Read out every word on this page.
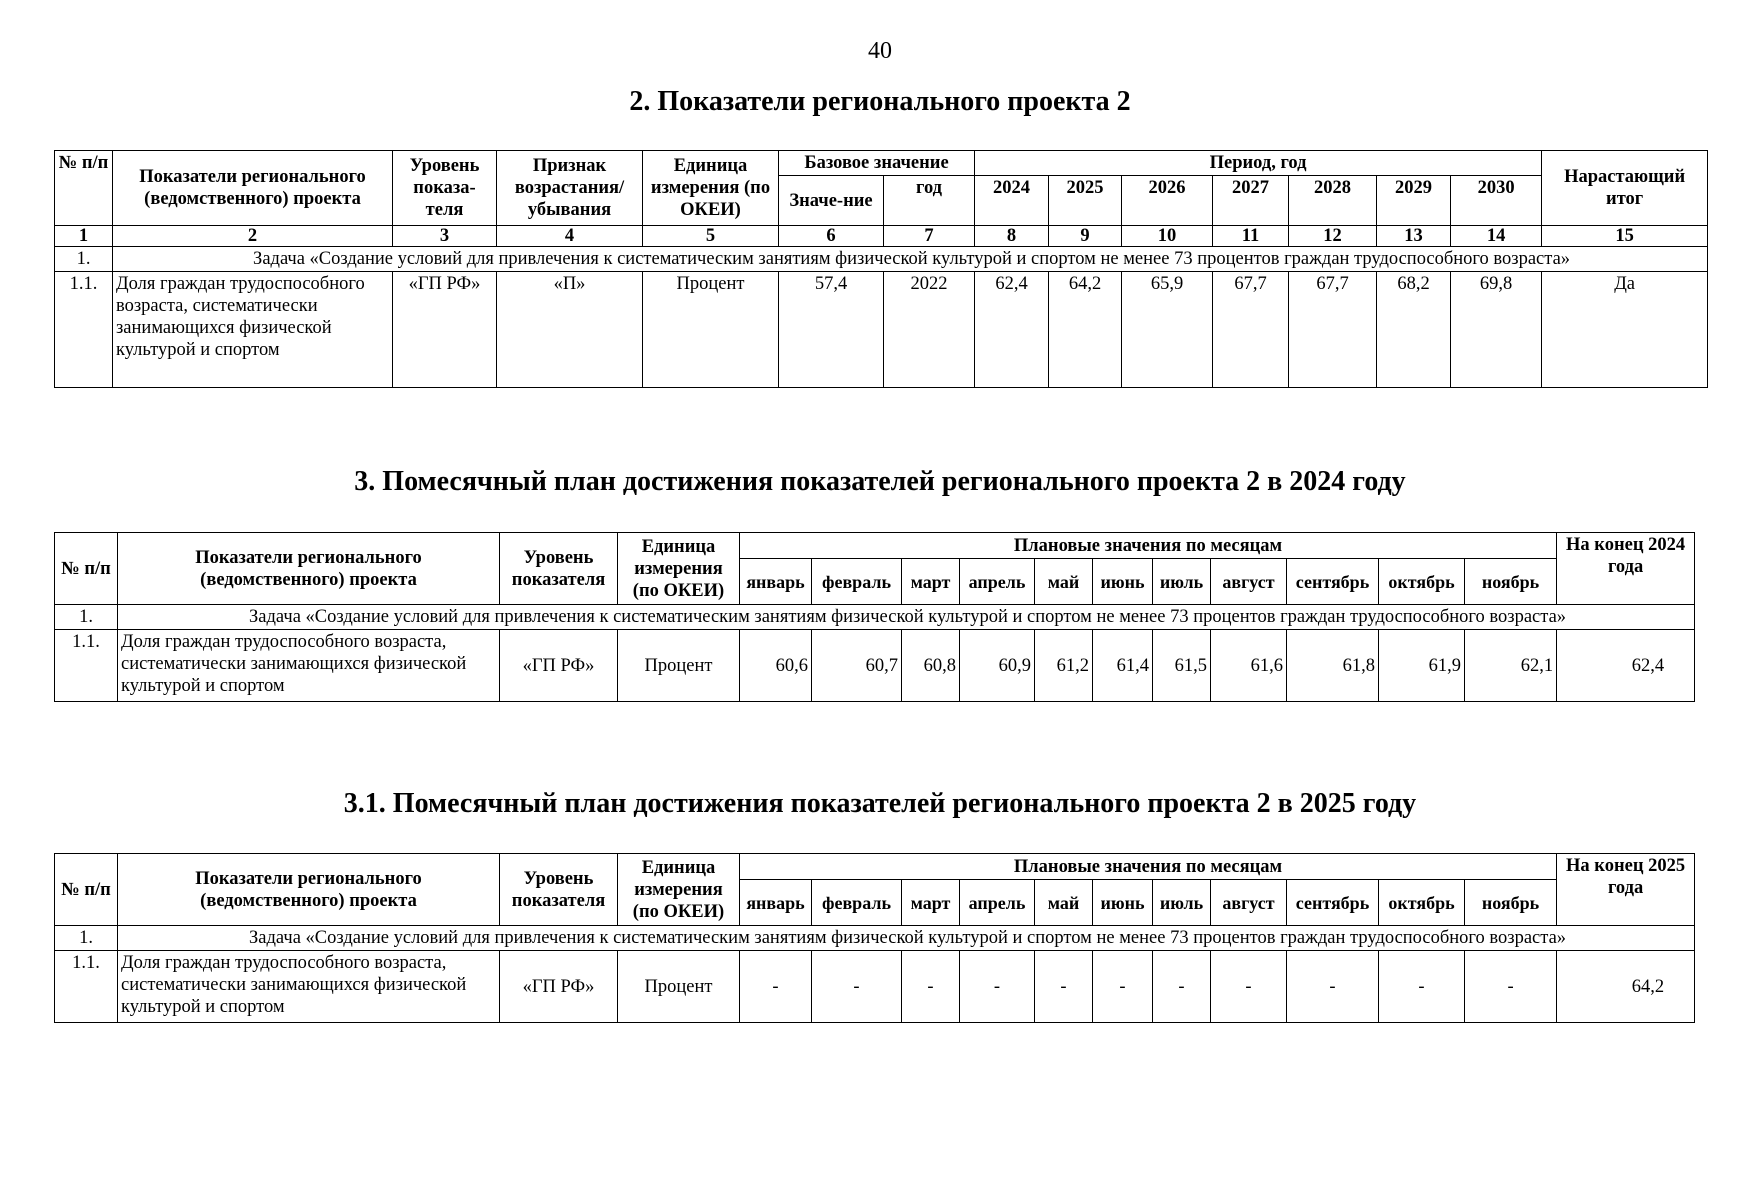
40
2. Показатели регионального проекта 2
№ п/п	Показатели регионального (ведомственного) проекта	Уровень показа-теля	Признак возрастания/ убывания	Единица измерения (по ОКЕИ)	Базовое значение		Период, год							Нарастающий итог
					Значе-ние	год	2024	2025	2026	2027	2028	2029	2030	
1	2	3	4	5	6	7	8	9	10	11	12	13	14	15
1.	Задача «Создание условий для привлечения к систематическим занятиям физической культурой и спортом не менее 73 процентов граждан трудоспособного возраста»													
1.1.	Доля граждан трудоспособного возраста, систематически занимающихся физической культурой и спортом	«ГП РФ»	«П»	Процент	57,4	2022	62,4	64,2	65,9	67,7	67,7	68,2	69,8	Да
3. Помесячный план достижения показателей регионального проекта 2 в 2024 году
№ п/п	Показатели регионального (ведомственного) проекта	Уровень показателя	Единица измерения (по ОКЕИ)	Плановые значения по месяцам											На конец 2024 года
				январь	февраль	март	апрель	май	июнь	июль	август	сентябрь	октябрь	ноябрь	
1.	Задача «Создание условий для привлечения к систематическим занятиям физической культурой и спортом не менее 73 процентов граждан трудоспособного возраста»														
1.1.	Доля граждан трудоспособного возраста, систематически занимающихся физической культурой и спортом	«ГП РФ»	Процент	60,6	60,7	60,8	60,9	61,2	61,4	61,5	61,6	61,8	61,9	62,1	62,4
3.1. Помесячный план достижения показателей регионального проекта 2 в 2025 году
№ п/п	Показатели регионального (ведомственного) проекта	Уровень показателя	Единица измерения (по ОКЕИ)	Плановые значения по месяцам											На конец 2025 года
				январь	февраль	март	апрель	май	июнь	июль	август	сентябрь	октябрь	ноябрь	
1.	Задача «Создание условий для привлечения к систематическим занятиям физической культурой и спортом не менее 73 процентов граждан трудоспособного возраста»														
1.1.	Доля граждан трудоспособного возраста, систематически занимающихся физической культурой и спортом	«ГП РФ»	Процент	-	-	-	-	-	-	-	-	-	-	-	64,2
